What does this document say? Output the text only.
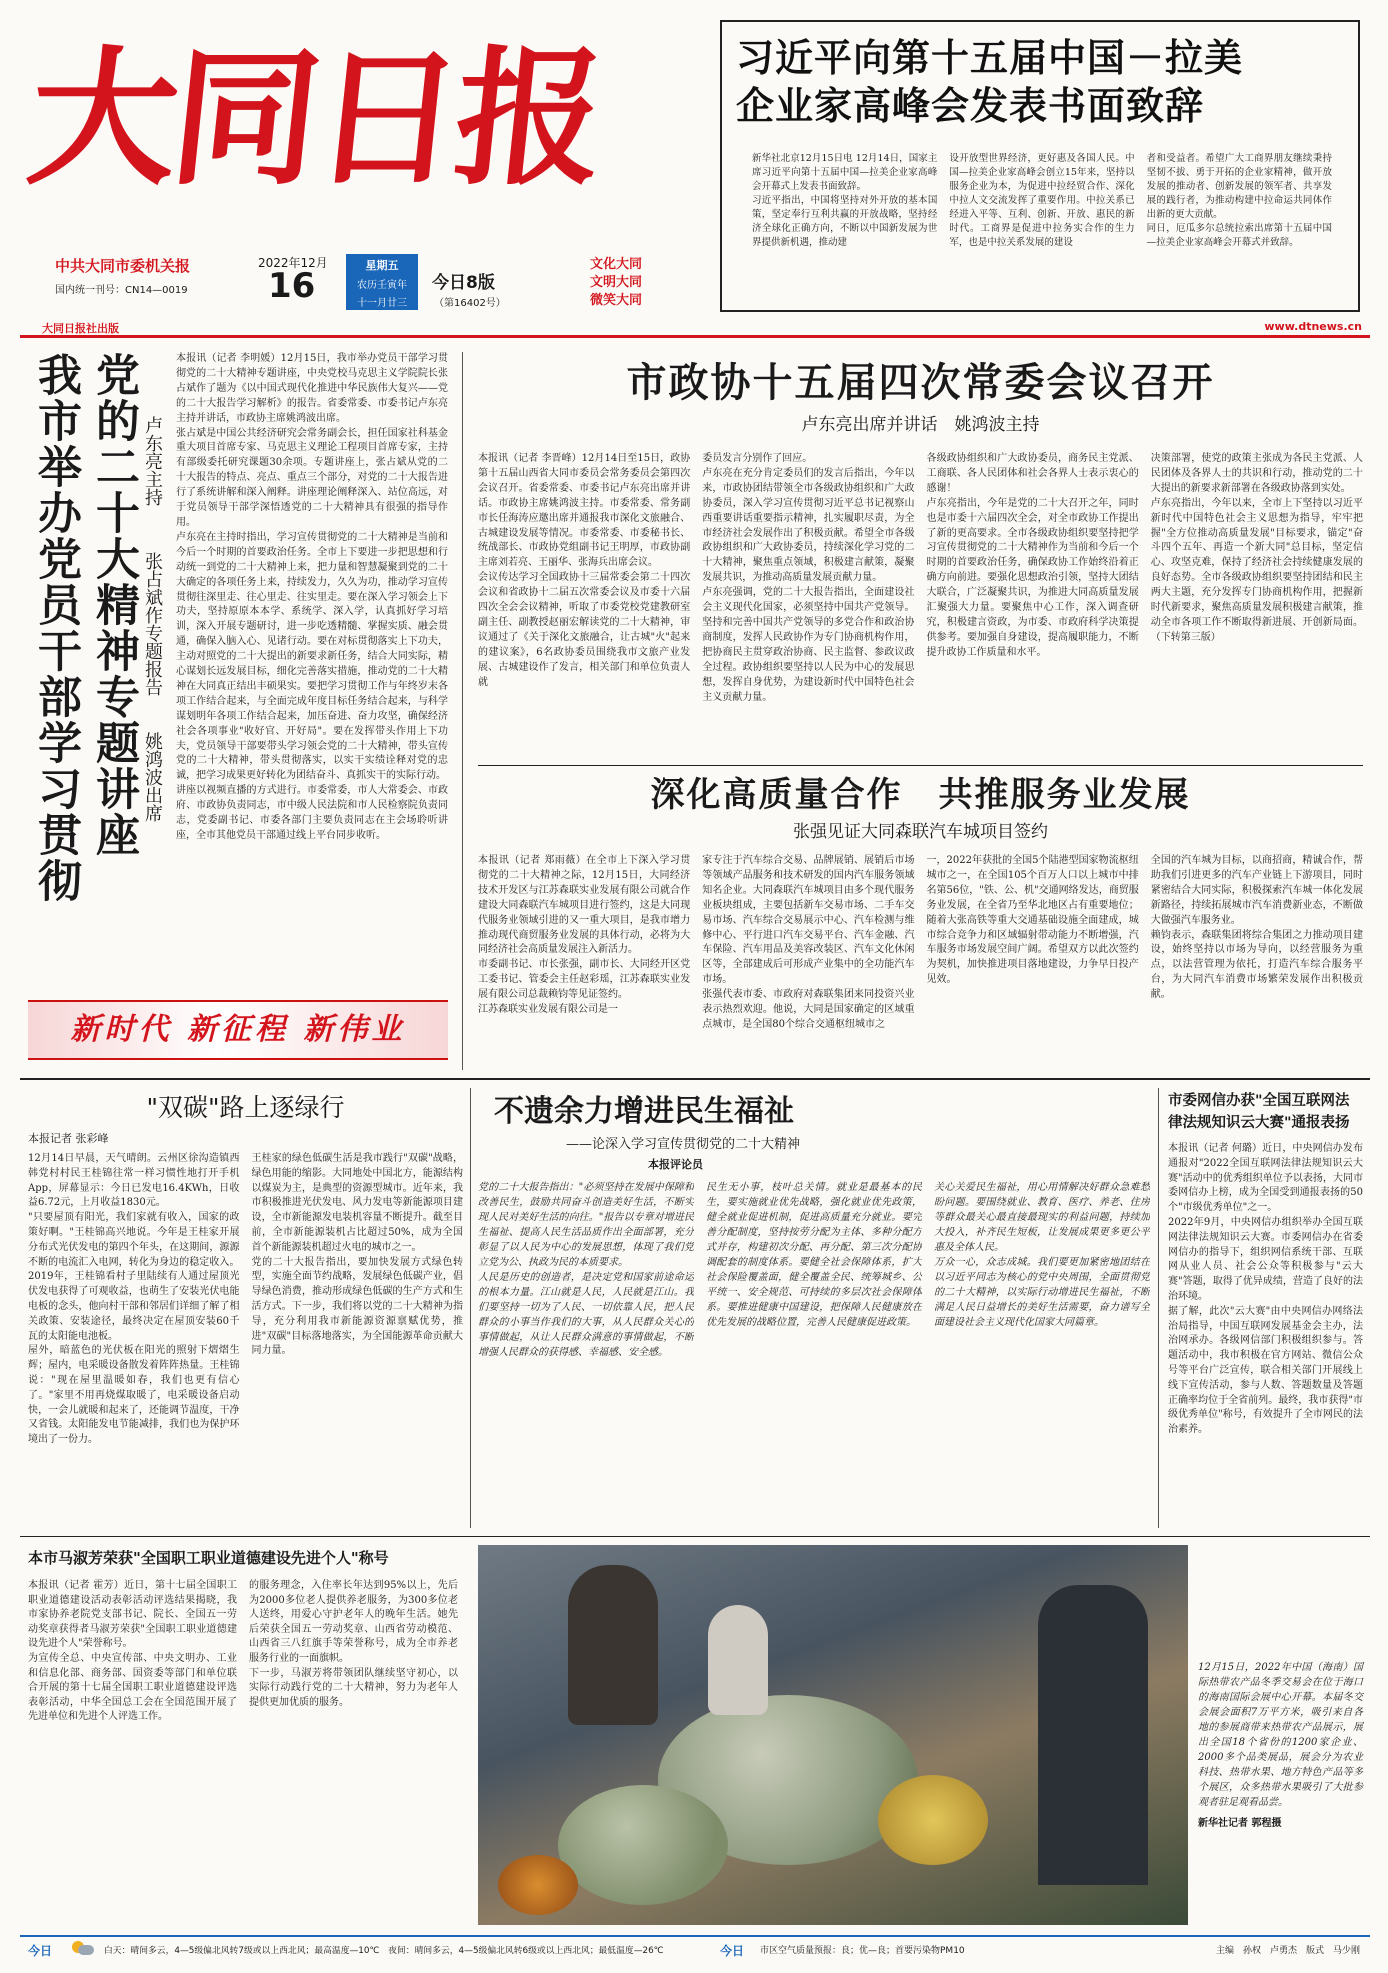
大同日报
中共大同市委机关报
国内统一刊号：CN14—0019
2022年12月
16
星期五
农历壬寅年
十一月廿三
今日8版
（第16402号）
文化大同
文明大同
微笑大同
习近平向第十五届中国－拉美
企业家高峰会发表书面致辞
新华社北京12月15日电 12月14日，国家主席习近平向第十五届中国—拉美企业家高峰会开幕式上发表书面致辞。
习近平指出，中国将坚持对外开放的基本国策，坚定奉行互利共赢的开放战略，坚持经济全球化正确方向，不断以中国新发展为世界提供新机遇，推动建
设开放型世界经济，更好惠及各国人民。中国—拉美企业家高峰会创立15年来，坚持以服务企业为本，为促进中拉经贸合作、深化中拉人文交流发挥了重要作用。中拉关系已经进入平等、互利、创新、开放、惠民的新时代。工商界是促进中拉务实合作的生力军，也是中拉关系发展的建设
者和受益者。希望广大工商界朋友继续秉持坚韧不拔、勇于开拓的企业家精神，做开放发展的推动者、创新发展的领军者、共享发展的践行者，为推动构建中拉命运共同体作出新的更大贡献。
同日，厄瓜多尔总统拉索出席第十五届中国—拉美企业家高峰会开幕式并致辞。
大同日报社出版	www.dtnews.cn
党的二十大精神专题讲座
我市举办党员干部学习贯彻	卢东亮主持
张占斌作专题报告
姚鸿波出席
本报讯（记者 李明媛）12月15日，我市举办党员干部学习贯彻党的二十大精神专题讲座，中央党校马克思主义学院院长张占斌作了题为《以中国式现代化推进中华民族伟大复兴——党的二十大报告学习解析》的报告。省委常委、市委书记卢东亮主持并讲话，市政协主席姚鸿波出席。
张占斌是中国公共经济研究会常务副会长，担任国家社科基金重大项目首席专家、马克思主义理论工程项目首席专家，主持有部级委托研究课题30余项。专题讲座上，张占斌从党的二十大报告的特点、亮点、重点三个部分，对党的二十大报告进行了系统讲解和深入阐释。讲座理论阐释深入、站位高远，对于党员领导干部学深悟透党的二十大精神具有很强的指导作用。
卢东亮在主持时指出，学习宣传贯彻党的二十大精神是当前和今后一个时期的首要政治任务。全市上下要进一步把思想和行动统一到党的二十大精神上来，把力量和智慧凝聚到党的二十大确定的各项任务上来，持续发力，久久为功，推动学习宣传贯彻往深里走、往心里走、往实里走。要在深入学习领会上下功夫，坚持原原本本学、系统学、深入学，认真抓好学习培训，深入开展专题研讨，进一步吃透精髓、掌握实质、融会贯通，确保入脑入心、见诸行动。要在对标贯彻落实上下功夫，主动对照党的二十大提出的新要求新任务，结合大同实际，精心谋划长远发展目标，细化完善落实措施，推动党的二十大精神在大同真正结出丰硕果实。要把学习贯彻工作与年终岁末各项工作结合起来，与全面完成年度目标任务结合起来，与科学谋划明年各项工作结合起来，加压奋进、奋力攻坚，确保经济社会各项事业"收好官、开好局"。要在发挥带头作用上下功夫，党员领导干部要带头学习领会党的二十大精神，带头宣传党的二十大精神，带头贯彻落实，以实干实绩诠释对党的忠诚，把学习成果更好转化为团结奋斗、真抓实干的实际行动。
讲座以视频直播的方式进行。市委常委，市人大常委会、市政府、市政协负责同志，市中级人民法院和市人民检察院负责同志，党委副书记、市委各部门主要负责同志在主会场聆听讲座，全市其他党员干部通过线上平台同步收听。
新时代 新征程 新伟业
市政协十五届四次常委会议召开
卢东亮出席并讲话　姚鸿波主持
本报讯（记者 李晋峰）12月14日至15日，政协第十五届山西省大同市委员会常务委员会第四次会议召开。省委常委、市委书记卢东亮出席并讲话。市政协主席姚鸿波主持。市委常委、常务副市长任海涛应邀出席并通报我市深化文旅融合、古城建设发展等情况。市委常委、市委秘书长、统战部长、市政协党组副书记王明厚，市政协副主席刘若亮、王丽华、张海兵出席会议。
会议传达学习全国政协十三届常委会第二十四次会议和省政协十二届五次常委会议及市委十六届四次全会会议精神，听取了市委党校党建教研室副主任、副教授赵丽宏解读党的二十大精神，审议通过了《关于深化文旅融合，让古城"火"起来的建议案》，6名政协委员围绕我市文旅产业发展、古城建设作了发言，相关部门和单位负责人就
委员发言分别作了回应。
卢东亮在充分肯定委员们的发言后指出，今年以来，市政协团结带领全市各级政协组织和广大政协委员，深入学习宣传贯彻习近平总书记视察山西重要讲话重要指示精神，扎实履职尽责，为全市经济社会发展作出了积极贡献。希望全市各级政协组织和广大政协委员，持续深化学习党的二十大精神，聚焦重点领域，积极建言献策，凝聚发展共识，为推动高质量发展贡献力量。
卢东亮强调，党的二十大报告指出，全面建设社会主义现代化国家，必须坚持中国共产党领导。坚持和完善中国共产党领导的多党合作和政治协商制度，发挥人民政协作为专门协商机构作用，把协商民主贯穿政治协商、民主监督、参政议政全过程。政协组织要坚持以人民为中心的发展思想，发挥自身优势，为建设新时代中国特色社会主义贡献力量。
各级政协组织和广大政协委员，商务民主党派、工商联、各人民团体和社会各界人士表示衷心的感谢！
卢东亮指出，今年是党的二十大召开之年，同时也是市委十六届四次全会，对全市政协工作提出了新的更高要求。全市各级政协组织要坚持把学习宣传贯彻党的二十大精神作为当前和今后一个时期的首要政治任务，确保政协工作始终沿着正确方向前进。要强化思想政治引领，坚持大团结大联合，广泛凝聚共识，为推进大同高质量发展汇聚强大力量。要聚焦中心工作，深入调查研究，积极建言资政，为市委、市政府科学决策提供参考。要加强自身建设，提高履职能力，不断提升政协工作质量和水平。
决策部署，使党的政策主张成为各民主党派、人民团体及各界人士的共识和行动，推动党的二十大提出的新要求新部署在各级政协落到实处。
卢东亮指出，今年以来，全市上下坚持以习近平新时代中国特色社会主义思想为指导，牢牢把握"全方位推动高质量发展"目标要求，锚定"奋斗四个五年、再造一个新大同"总目标，坚定信心、攻坚克难，保持了经济社会持续健康发展的良好态势。全市各级政协组织要坚持团结和民主两大主题，充分发挥专门协商机构作用，把握新时代新要求，聚焦高质量发展积极建言献策，推动全市各项工作不断取得新进展、开创新局面。（下转第三版）
深化高质量合作　共推服务业发展
张强见证大同森联汽车城项目签约
本报讯（记者 郑雨薇）在全市上下深入学习贯彻党的二十大精神之际，12月15日，大同经济技术开发区与江苏森联实业发展有限公司就合作建设大同森联汽车城项目进行签约，这是大同现代服务业领域引进的又一重大项目，是我市增力推动现代商贸服务业发展的具体行动，必将为大同经济社会高质量发展注入新活力。
市委副书记、市长张强，副市长、大同经开区党工委书记、管委会主任赵彩瑶，江苏森联实业发展有限公司总裁赖钧等见证签约。
江苏森联实业发展有限公司是一
家专注于汽车综合交易、品牌展销、展销后市场等领域产品服务和技术研发的国内汽车服务领域知名企业。大同森联汽车城项目由多个现代服务业板块组成，主要包括新车交易市场、二手车交易市场、汽车综合交易展示中心、汽车检测与维修中心、平行进口汽车交易平台、汽车金融、汽车保险、汽车用品及美容改装区、汽车文化休闲区等，全部建成后可形成产业集中的全功能汽车市场。
张强代表市委、市政府对森联集团来同投资兴业表示热烈欢迎。他说，大同是国家确定的区域重点城市，是全国80个综合交通枢纽城市之
一，2022年获批的全国5个陆港型国家物流枢纽城市之一，在全国105个百万人口以上城市中排名第56位，"铁、公、机"交通网络发达，商贸服务业发展，在全省乃至华北地区占有重要地位；随着大张高铁等重大交通基础设施全面建成，城市综合竞争力和区域辐射带动能力不断增强，汽车服务市场发展空间广阔。希望双方以此次签约为契机，加快推进项目落地建设，力争早日投产见效。
全国的汽车城为目标，以商招商，精诚合作，帮助我们引进更多的汽车产业链上下游项目，同时紧密结合大同实际，积极探索汽车城一体化发展新路径，持续拓展城市汽车消费新业态，不断做大做强汽车服务业。
赖钧表示，森联集团将综合集团之力推动项目建设，始终坚持以市场为导向，以经营服务为重点，以法营管理为依托，打造汽车综合服务平台，为大同汽车消费市场繁荣发展作出积极贡献。
"双碳"路上逐绿行
本报记者 张彩峰
12月14日早晨，天气晴朗。云州区徐沟造镇西韩党村村民王桂锦往常一样习惯性地打开手机App，屏幕显示：今日已发电16.4KWh，日收益6.72元，上月收益1830元。
"只要屋顶有阳光，我们家就有收入，国家的政策好啊。"王桂锦高兴地说。今年是王桂家开展分布式光伏发电的第四个年头，在这期间，源源不断的电流汇入电网，转化为身边的稳定收入。2019年，王桂锦看村子里陆续有人通过屋顶光伏发电获得了可观收益，也萌生了安装光伏电能电板的念头，他向村干部和邻居们详细了解了相关政策、安装途径，最终决定在屋顶安装60千瓦的太阳能电池板。
屋外，暗蓝色的光伏板在阳光的照射下熠熠生辉；屋内，电采暖设备散发着阵阵热量。王桂锦说："现在屋里温暖如春，我们也更有信心了。"家里不用再烧煤取暖了，电采暖设备启动快，一会儿就暖和起来了，还能调节温度，干净又省钱。太阳能发电节能减排，我们也为保护环境出了一份力。
王桂家的绿色低碳生活是我市践行"双碳"战略，绿色用能的缩影。大同地处中国北方，能源结构以煤炭为主，是典型的资源型城市。近年来，我市积极推进光伏发电、风力发电等新能源项目建设，全市新能源发电装机容量不断提升。截至目前，全市新能源装机占比超过50%，成为全国首个新能源装机超过火电的城市之一。
党的二十大报告指出，要加快发展方式绿色转型，实施全面节约战略，发展绿色低碳产业，倡导绿色消费，推动形成绿色低碳的生产方式和生活方式。下一步，我们将以党的二十大精神为指导，充分利用我市新能源资源禀赋优势，推进"双碳"目标落地落实，为全国能源革命贡献大同力量。
不遗余力增进民生福祉
——论深入学习宣传贯彻党的二十大精神
本报评论员
党的二十大报告指出："必须坚持在发展中保障和改善民生，鼓励共同奋斗创造美好生活，不断实现人民对美好生活的向往。"报告以专章对增进民生福祉、提高人民生活品质作出全面部署，充分彰显了以人民为中心的发展思想，体现了我们党立党为公、执政为民的本质要求。
人民是历史的创造者，是决定党和国家前途命运的根本力量。江山就是人民，人民就是江山。我们要坚持一切为了人民、一切依靠人民，把人民群众的小事当作我们的大事，从人民群众关心的事情做起，从让人民群众满意的事情做起，不断增强人民群众的获得感、幸福感、安全感。
民生无小事，枝叶总关情。就业是最基本的民生，要实施就业优先战略，强化就业优先政策，健全就业促进机制，促进高质量充分就业。要完善分配制度，坚持按劳分配为主体、多种分配方式并存，构建初次分配、再分配、第三次分配协调配套的制度体系。要健全社会保障体系，扩大社会保险覆盖面，健全覆盖全民、统筹城乡、公平统一、安全规范、可持续的多层次社会保障体系。要推进健康中国建设，把保障人民健康放在优先发展的战略位置，完善人民健康促进政策。
关心关爱民生福祉，用心用情解决好群众急难愁盼问题。要围绕就业、教育、医疗、养老、住房等群众最关心最直接最现实的利益问题，持续加大投入，补齐民生短板，让发展成果更多更公平惠及全体人民。
万众一心，众志成城。我们要更加紧密地团结在以习近平同志为核心的党中央周围，全面贯彻党的二十大精神，以实际行动增进民生福祉，不断满足人民日益增长的美好生活需要，奋力谱写全面建设社会主义现代化国家大同篇章。
市委网信办获"全国互联网法律法规知识云大赛"通报表扬
本报讯（记者 何璐）近日，中央网信办发布通报对"2022全国互联网法律法规知识云大赛"活动中的优秀组织单位予以表扬，大同市委网信办上榜，成为全国受到通报表扬的50个"市级优秀单位"之一。
2022年9月，中央网信办组织举办全国互联网法律法规知识云大赛。市委网信办在省委网信办的指导下，组织网信系统干部、互联网从业人员、社会公众等积极参与"云大赛"答题，取得了优异成绩，营造了良好的法治环境。
据了解，此次"云大赛"由中央网信办网络法治局指导，中国互联网发展基金会主办，法治网承办。各级网信部门积极组织参与。答题活动中，我市积极在官方网站、微信公众号等平台广泛宣传，联合相关部门开展线上线下宣传活动，参与人数、答题数量及答题正确率均位于全省前列。最终，我市获得"市级优秀单位"称号，有效提升了全市网民的法治素养。
本市马淑芳荣获"全国职工职业道德建设先进个人"称号
本报讯（记者 霍芳）近日，第十七届全国职工职业道德建设活动表彰活动评选结果揭晓，我市家协养老院党支部书记、院长、全国五一劳动奖章获得者马淑芳荣获"全国职工职业道德建设先进个人"荣誉称号。
为宣传全总、中央宣传部、中央文明办、工业和信息化部、商务部、国资委等部门和单位联合开展的第十七届全国职工职业道德建设评选表彰活动，中华全国总工会在全国范围开展了先进单位和先进个人评选工作。
的服务理念，入住率长年达到95%以上，先后为2000多位老人提供养老服务，为300多位老人送终，用爱心守护老年人的晚年生活。她先后荣获全国五一劳动奖章、山西省劳动模范、山西省三八红旗手等荣誉称号，成为全市养老服务行业的一面旗帜。
下一步，马淑芳将带领团队继续坚守初心，以实际行动践行党的二十大精神，努力为老年人提供更加优质的服务。
12月15日，2022年中国（海南）国际热带农产品冬季交易会在位于海口的海南国际会展中心开幕。本届冬交会展会面积7万平方米，吸引来自各地的参展商带来热带农产品展示，展出全国18个省份的1200家企业、2000多个品类展品，展会分为农业科技、热带水果、地方特色产品等多个展区，众多热带水果吸引了大批参观者驻足观看品尝。
新华社记者 郭程摄
今日	白天：晴间多云，4—5级偏北风转7级或以上西北风；最高温度—10℃　夜间：晴间多云，4—5级偏北风转6级或以上西北风；最低温度—26℃	今日 市区空气质量预报：良；优—良；首要污染物PM10	主编　孙权　卢勇杰　版式　马少刚
